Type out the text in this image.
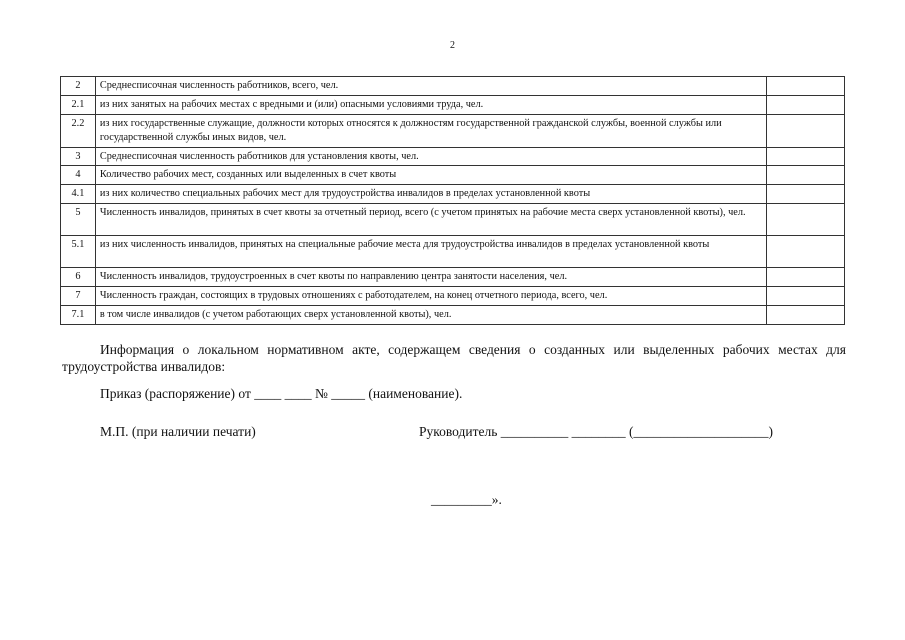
2
2	Среднесписочная численность работников, всего, чел.	
2.1	из них занятых на рабочих местах с вредными и (или) опасными условиями труда, чел.	
2.2	из них государственные служащие, должности которых относятся к должностям государственной гражданской службы, военной службы или государственной службы иных видов, чел.	
3	Среднесписочная численность работников для установления квоты, чел.	
4	Количество рабочих мест, созданных или выделенных в счет квоты	
4.1	из них количество специальных рабочих мест для трудоустройства инвалидов в пределах установленной квоты	
5	Численность инвалидов, принятых в счет квоты за отчетный период, всего (с учетом принятых на рабочие места сверх установленной квоты), чел.	
5.1	из них численность инвалидов, принятых на специальные рабочие места для трудоустройства инвалидов в пределах установленной квоты	
6	Численность инвалидов, трудоустроенных в счет квоты по направлению центра занятости населения, чел.	
7	Численность граждан, состоящих в трудовых отношениях с работодателем, на конец отчетного периода, всего, чел.	
7.1	в том числе инвалидов (с учетом работающих сверх установленной квоты), чел.	
Информация о локальном нормативном акте, содержащем сведения о созданных или выделенных рабочих местах для трудоустройства инвалидов:
Приказ (распоряжение) от ____ ____ № _____ (наименование).
М.П. (при наличии печати)	Руководитель __________ ________ (____________________)
_________».
